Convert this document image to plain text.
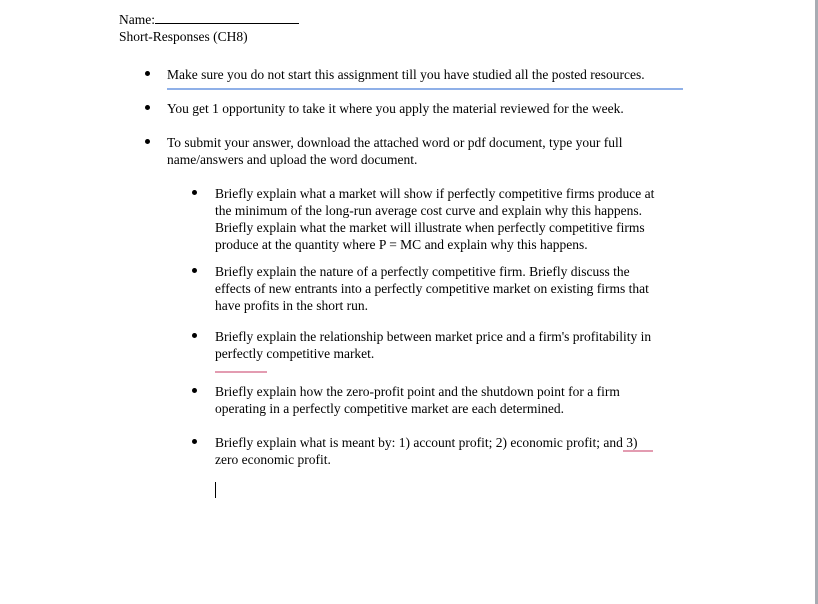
Name:
Short-Responses (CH8)
Make sure you do not start this assignment till you have studied all the posted resources.
You get 1 opportunity to take it where you apply the material reviewed for the week.
To submit your answer, download the attached word or pdf document, type your full
name/answers and upload the word document.
Briefly explain what a market will show if perfectly competitive firms produce at
the minimum of the long-run average cost curve and explain why this happens.
Briefly explain what the market will illustrate when perfectly competitive firms
produce at the quantity where P = MC and explain why this happens.
Briefly explain the nature of a perfectly competitive firm. Briefly discuss the
effects of new entrants into a perfectly competitive market on existing firms that
have profits in the short run.
Briefly explain the relationship between market price and a firm's profitability in
perfectly competitive market.
Briefly explain how the zero-profit point and the shutdown point for a firm
operating in a perfectly competitive market are each determined.
Briefly explain what is meant by: 1) account profit; 2) economic profit; and 3)
zero economic profit.
